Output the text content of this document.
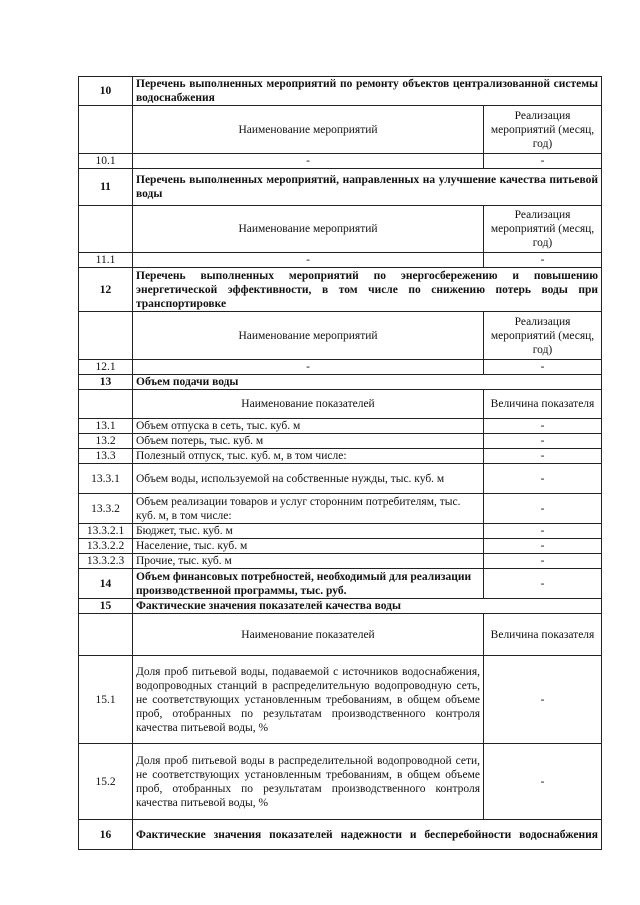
10	Перечень выполненных мероприятий по ремонту объектов централизованной системы водоснабжения	
	Наименование мероприятий	Реализация мероприятий (месяц, год)
10.1	-	-
11	Перечень выполненных мероприятий, направленных на улучшение качества питьевой воды	
	Наименование мероприятий	Реализация мероприятий (месяц, год)
11.1	-	-
12	Перечень выполненных мероприятий по энергосбережению и повышению энергетической эффективности, в том числе по снижению потерь воды при транспортировке	
	Наименование мероприятий	Реализация мероприятий (месяц, год)
12.1	-	-
13	Объем подачи воды	
	Наименование показателей	Величина показателя
13.1	Объем отпуска в сеть, тыс. куб. м	-
13.2	Объем потерь, тыс. куб. м	-
13.3	Полезный отпуск, тыс. куб. м, в том числе:	-
13.3.1	Объем воды, используемой на собственные нужды, тыс. куб. м	-
13.3.2	Объем реализации товаров и услуг сторонним потребителям, тыс. куб. м, в том числе:	-
13.3.2.1	Бюджет, тыс. куб. м	-
13.3.2.2	Население, тыс. куб. м	-
13.3.2.3	Прочие, тыс. куб. м	-
14	Объем финансовых потребностей, необходимый для реализации производственной программы, тыс. руб.	-
15	Фактические значения показателей качества воды	
	Наименование показателей	Величина показателя
15.1	Доля проб питьевой воды, подаваемой с источников водоснабжения, водопроводных станций в распределительную водопроводную сеть, не соответствующих установленным требованиям, в общем объеме проб, отобранных по результатам производственного контроля качества питьевой воды, %	-
15.2	Доля проб питьевой воды в распределительной водопроводной сети, не соответствующих установленным требованиям, в общем объеме проб, отобранных по результатам производственного контроля качества питьевой воды, %	-
16	Фактические значения показателей надежности и бесперебойности водоснабжения	
